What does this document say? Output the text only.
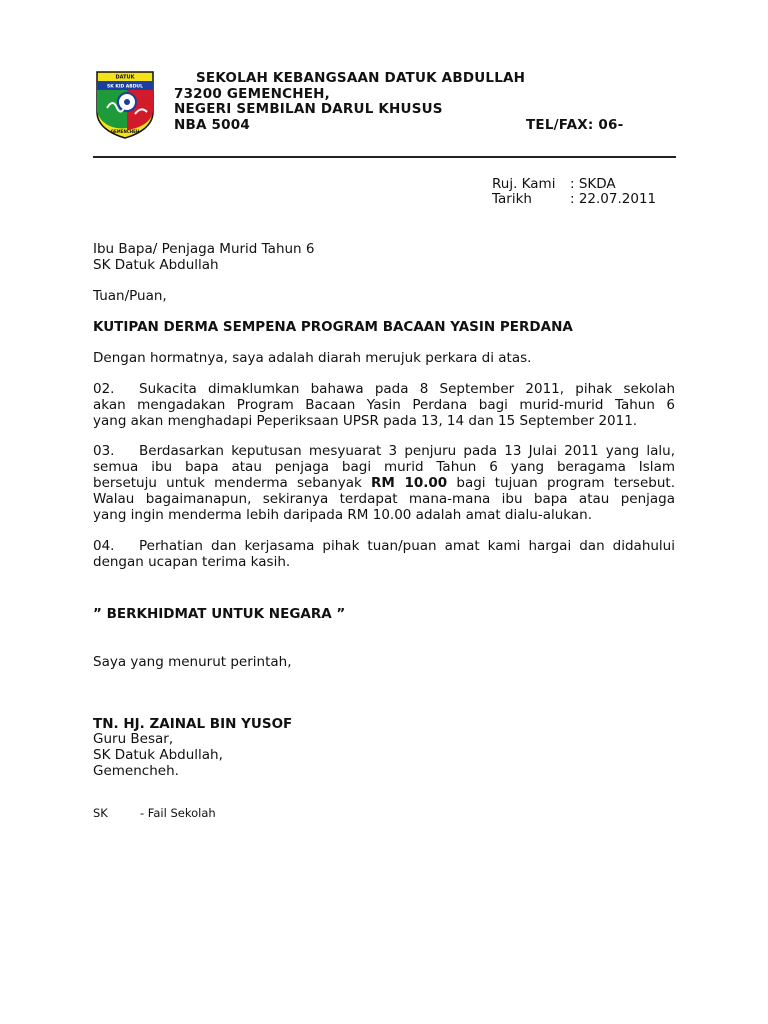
DATUK
SK KID ABDUL
GEMENCHEH
SEKOLAH KEBANGSAAN DATUK ABDULLAH
73200 GEMENCHEH,
NEGERI SEMBILAN DARUL KHUSUS
NBA 5004	TEL/FAX: 06-
Ruj. Kami : SKDA
Tarikh	: 22.07.2011
Ibu Bapa/ Penjaga Murid Tahun 6
SK Datuk Abdullah
Tuan/Puan,
KUTIPAN DERMA SEMPENA PROGRAM BACAAN YASIN PERDANA
Dengan hormatnya, saya adalah diarah merujuk perkara di atas.
02. Sukacita dimaklumkan bahawa pada 8 September 2011, pihak sekolah
akan mengadakan Program Bacaan Yasin Perdana bagi murid-murid Tahun 6
yang akan menghadapi Peperiksaan UPSR pada 13, 14 dan 15 September 2011.
03. Berdasarkan keputusan mesyuarat 3 penjuru pada 13 Julai 2011 yang lalu,
semua ibu bapa atau penjaga bagi murid Tahun 6 yang beragama Islam
bersetuju untuk menderma sebanyak RM 10.00 bagi tujuan program tersebut.
Walau bagaimanapun, sekiranya terdapat mana-mana ibu bapa atau penjaga
yang ingin menderma lebih daripada RM 10.00 adalah amat dialu-alukan.
04. Perhatian dan kerjasama pihak tuan/puan amat kami hargai dan didahului
dengan ucapan terima kasih.
” BERKHIDMAT UNTUK NEGARA ”
Saya yang menurut perintah,
TN. HJ. ZAINAL BIN YUSOF
Guru Besar,
SK Datuk Abdullah,
Gemencheh.
SK	- Fail Sekolah
